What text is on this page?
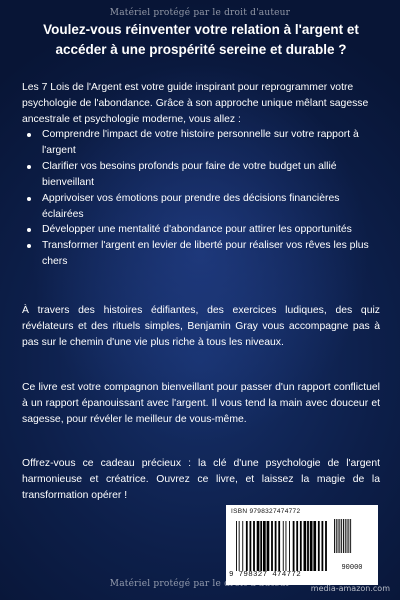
Matériel protégé par le droit d'auteur
Voulez-vous réinventer votre relation à l'argent et accéder à une prospérité sereine et durable ?

Les 7 Lois de l'Argent est votre guide inspirant pour reprogrammer votre psychologie de l'abondance. Grâce à son approche unique mêlant sagesse ancestrale et psychologie moderne, vous allez :

Comprendre l'impact de votre histoire personnelle sur votre rapport à l'argent
Clarifier vos besoins profonds pour faire de votre budget un allié bienveillant
Apprivoiser vos émotions pour prendre des décisions financières éclairées
Développer une mentalité d'abondance pour attirer les opportunités
Transformer l'argent en levier de liberté pour réaliser vos rêves les plus chers

À travers des histoires édifiantes, des exercices ludiques, des quiz révélateurs et des rituels simples, Benjamin Gray vous accompagne pas à pas sur le chemin d'une vie plus riche à tous les niveaux.

Ce livre est votre compagnon bienveillant pour passer d'un rapport conflictuel à un rapport épanouissant avec l'argent. Il vous tend la main avec douceur et sagesse, pour révéler le meilleur de vous-même.

Offrez-vous ce cadeau précieux : la clé d'une psychologie de l'argent harmonieuse et créatrice. Ouvrez ce livre, et laissez la magie de la transformation opérer !

ISBN 9798327474772
90000
9 798327 474772
Matériel protégé par le droit d'auteur	media-amazon.com
